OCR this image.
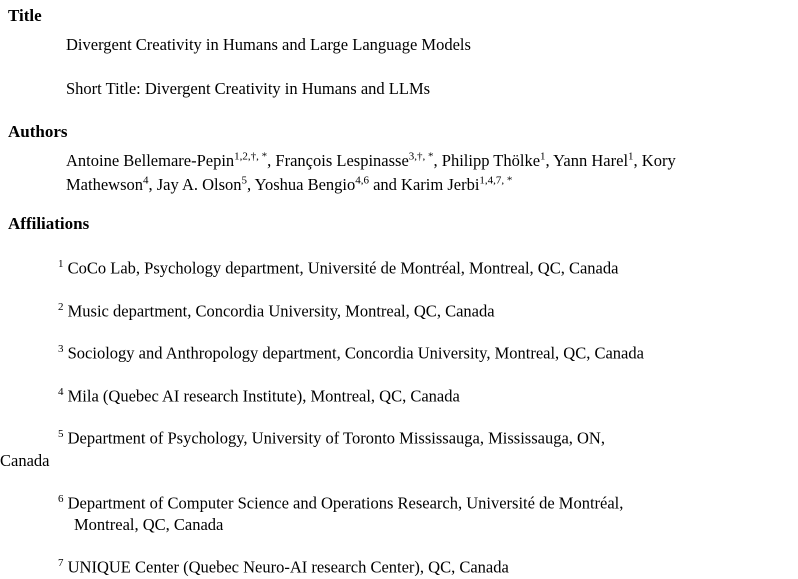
Title
Divergent Creativity in Humans and Large Language Models
Short Title: Divergent Creativity in Humans and LLMs
Authors
Antoine Bellemare-Pepin$^{1,2,\dagger, *}$, François Lespinasse$^{3,\dagger, *}$, Philipp Thölke$^1$, Yann Harel$^1$, Kory Mathewson$^4$, Jay A. Olson$^5$, Yoshua Bengio$^{4,6}$ and Karim Jerbi$^{1,4,7, *}$
Affiliations
$^1$ CoCo Lab, Psychology department, Université de Montréal, Montreal, QC, Canada
$^2$ Music department, Concordia University, Montreal, QC, Canada
$^3$ Sociology and Anthropology department, Concordia University, Montreal, QC, Canada
$^4$ Mila (Quebec AI research Institute), Montreal, QC, Canada
$^5$ Department of Psychology, University of Toronto Mississauga, Mississauga, ON,
Canada
$^6$ Department of Computer Science and Operations Research, Université de Montréal,
Montreal, QC, Canada
$^7$ UNIQUE Center (Quebec Neuro-AI research Center), QC, Canada
